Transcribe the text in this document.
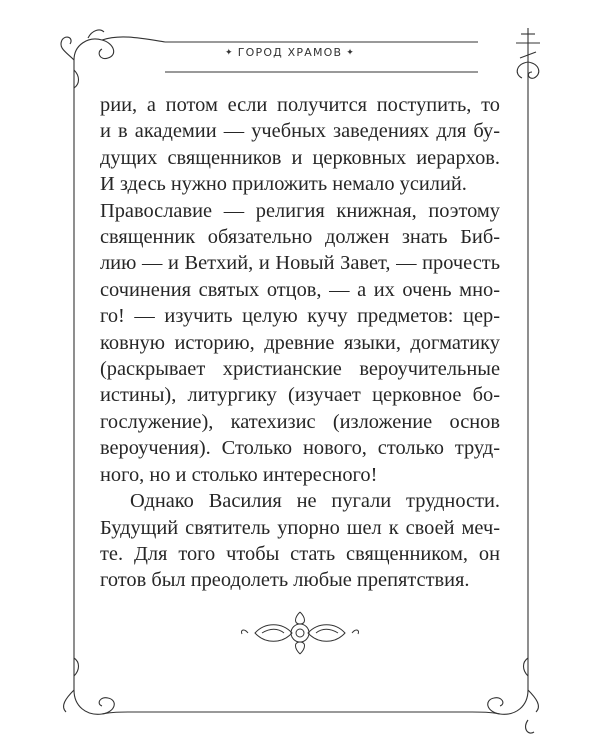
✦ ГОРОД ХРАМОВ ✦
рии, а потом если получится поступить, то
и в академии — учебных заведениях для бу-
дущих священников и церковных иерархов.
И здесь нужно приложить немало усилий.
Православие — религия книжная, поэтому
священник обязательно должен знать Биб-
лию — и Ветхий, и Новый Завет, — прочесть
сочинения святых отцов, — а их очень мно-
го! — изучить целую кучу предметов: цер-
ковную историю, древние языки, догматику
(раскрывает христианские вероучительные
истины), литургику (изучает церковное бо-
гослужение), катехизис (изложение основ
вероучения). Столько нового, столько труд-
ного, но и столько интересного!
Однако Василия не пугали трудности.
Будущий святитель упорно шел к своей меч-
те. Для того чтобы стать священником, он
готов был преодолеть любые препятствия.
